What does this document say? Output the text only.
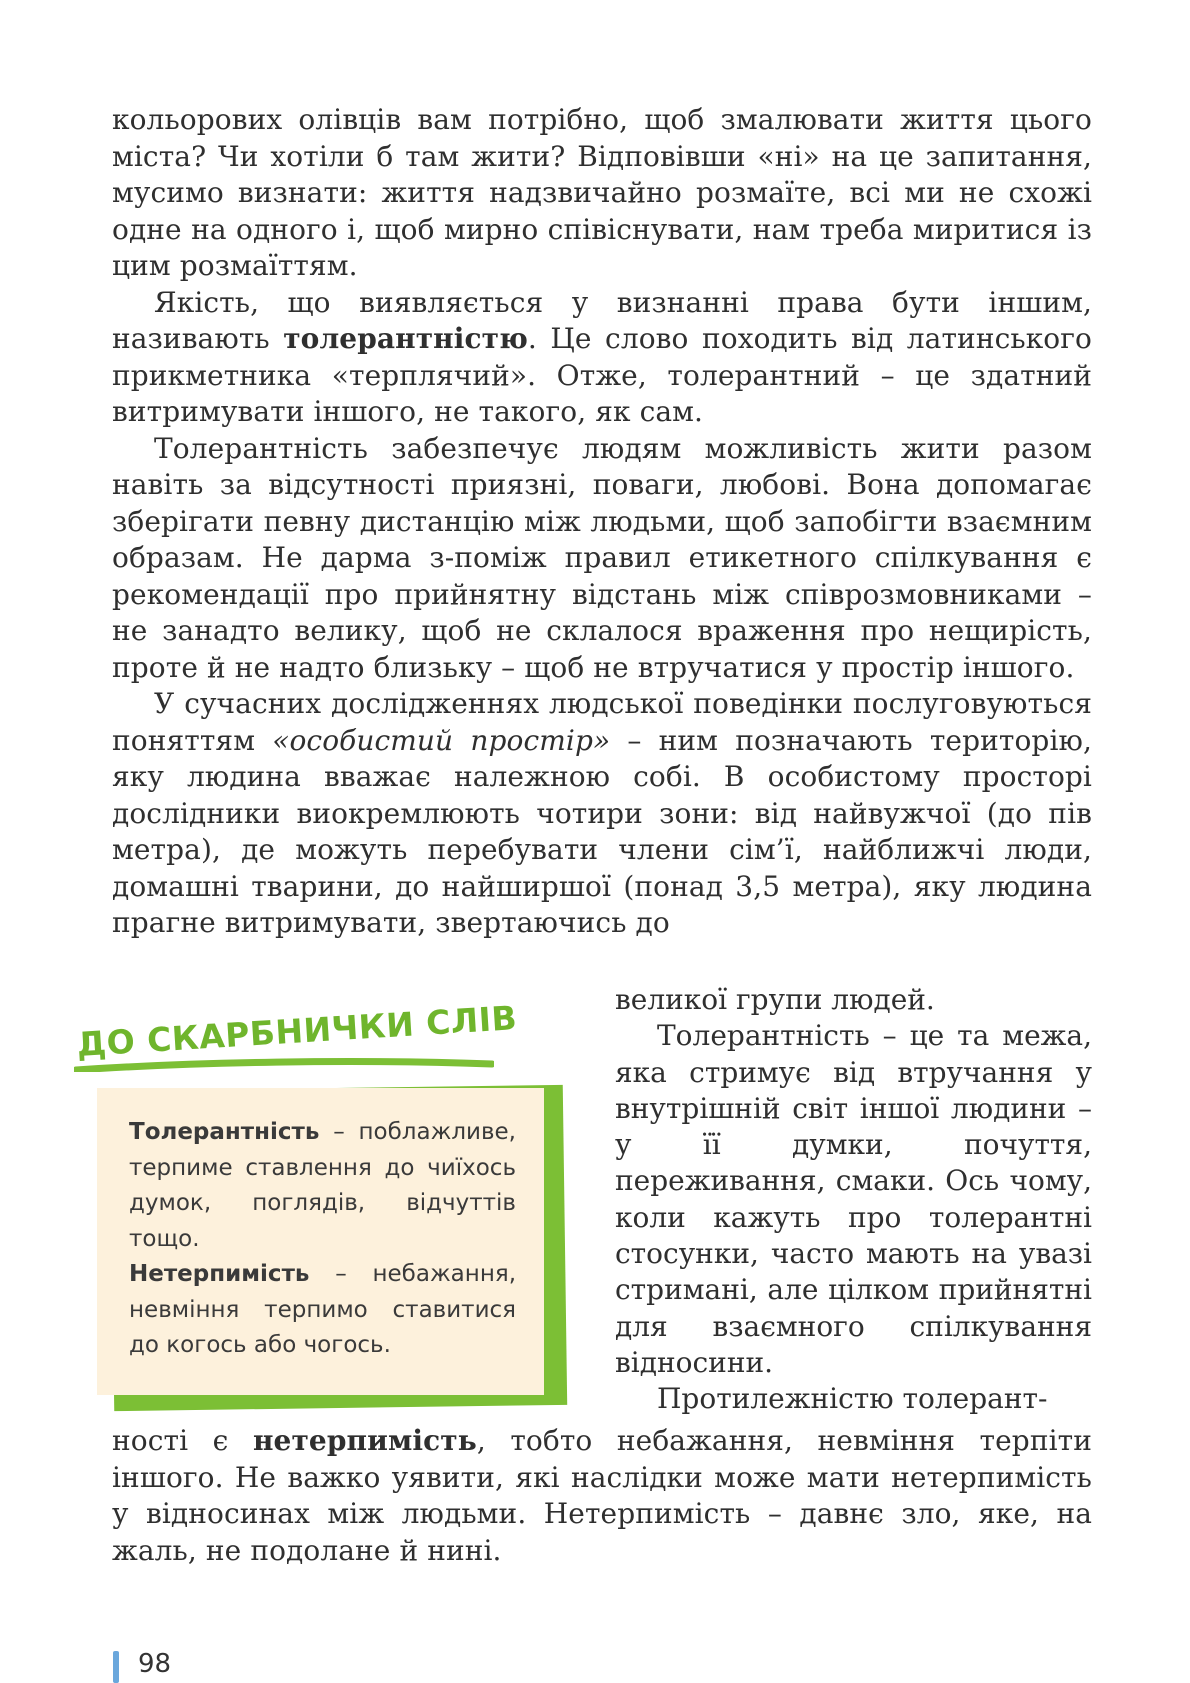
кольорових олівців вам потрібно, щоб змалювати життя цього міста? Чи хотіли б там жити? Відповівши «ні» на це запитання, мусимо визнати: життя надзвичайно розмаїте, всі ми не схожі одне на одного і, щоб мирно співіснувати, нам треба миритися із цим розмаїттям.

Якість, що виявляється у визнанні права бути іншим, називають толерантністю. Це слово походить від латинського прикметника «терплячий». Отже, толерантний – це здатний витримувати іншого, не такого, як сам.

Толерантність забезпечує людям можливість жити разом навіть за відсутності приязні, поваги, любові. Вона допомагає зберігати певну дистанцію між людьми, щоб запобігти взаємним образам. Не дарма з-поміж правил етикетного спілкування є рекомендації про прийнятну відстань між співрозмовниками – не занадто велику, щоб не склалося враження про нещирість, проте й не надто близьку – щоб не втручатися у простір іншого.

У сучасних дослідженнях людської поведінки послуговуються поняттям «особистий простір» – ним позначають територію, яку людина вважає належною собі. В особистому просторі дослідники виокремлюють чотири зони: від найвужчої (до пів метра), де можуть перебувати члени сім’ї, найближчі люди, домашні тварини, до найширшої (понад 3,5 метра), яку людина прагне витримувати, звертаючись до

великої групи людей.

Толерантність – це та межа, яка стримує від втручання у внутрішній світ іншої людини – у її думки, почуття, переживання, смаки. Ось чому, коли кажуть про толерантні стосунки, часто мають на увазі стримані, але цілком прийнятні для взаємного спілкування відносини.

Протилежністю толерант-

ності є нетерпимість, тобто небажання, невміння терпіти іншого. Не важко уявити, які наслідки може мати нетерпимість у відносинах між людьми. Нетерпимість – давнє зло, яке, на жаль, не подолане й нині.

ДО СКАРБНИЧКИ СЛІВ

Толерантність – поблажливе, терпиме ставлення до чиїхось думок, поглядів, відчуттів тощо.

Нетерпимість – небажання, невміння терпимо ставитися до когось або чогось.

98
